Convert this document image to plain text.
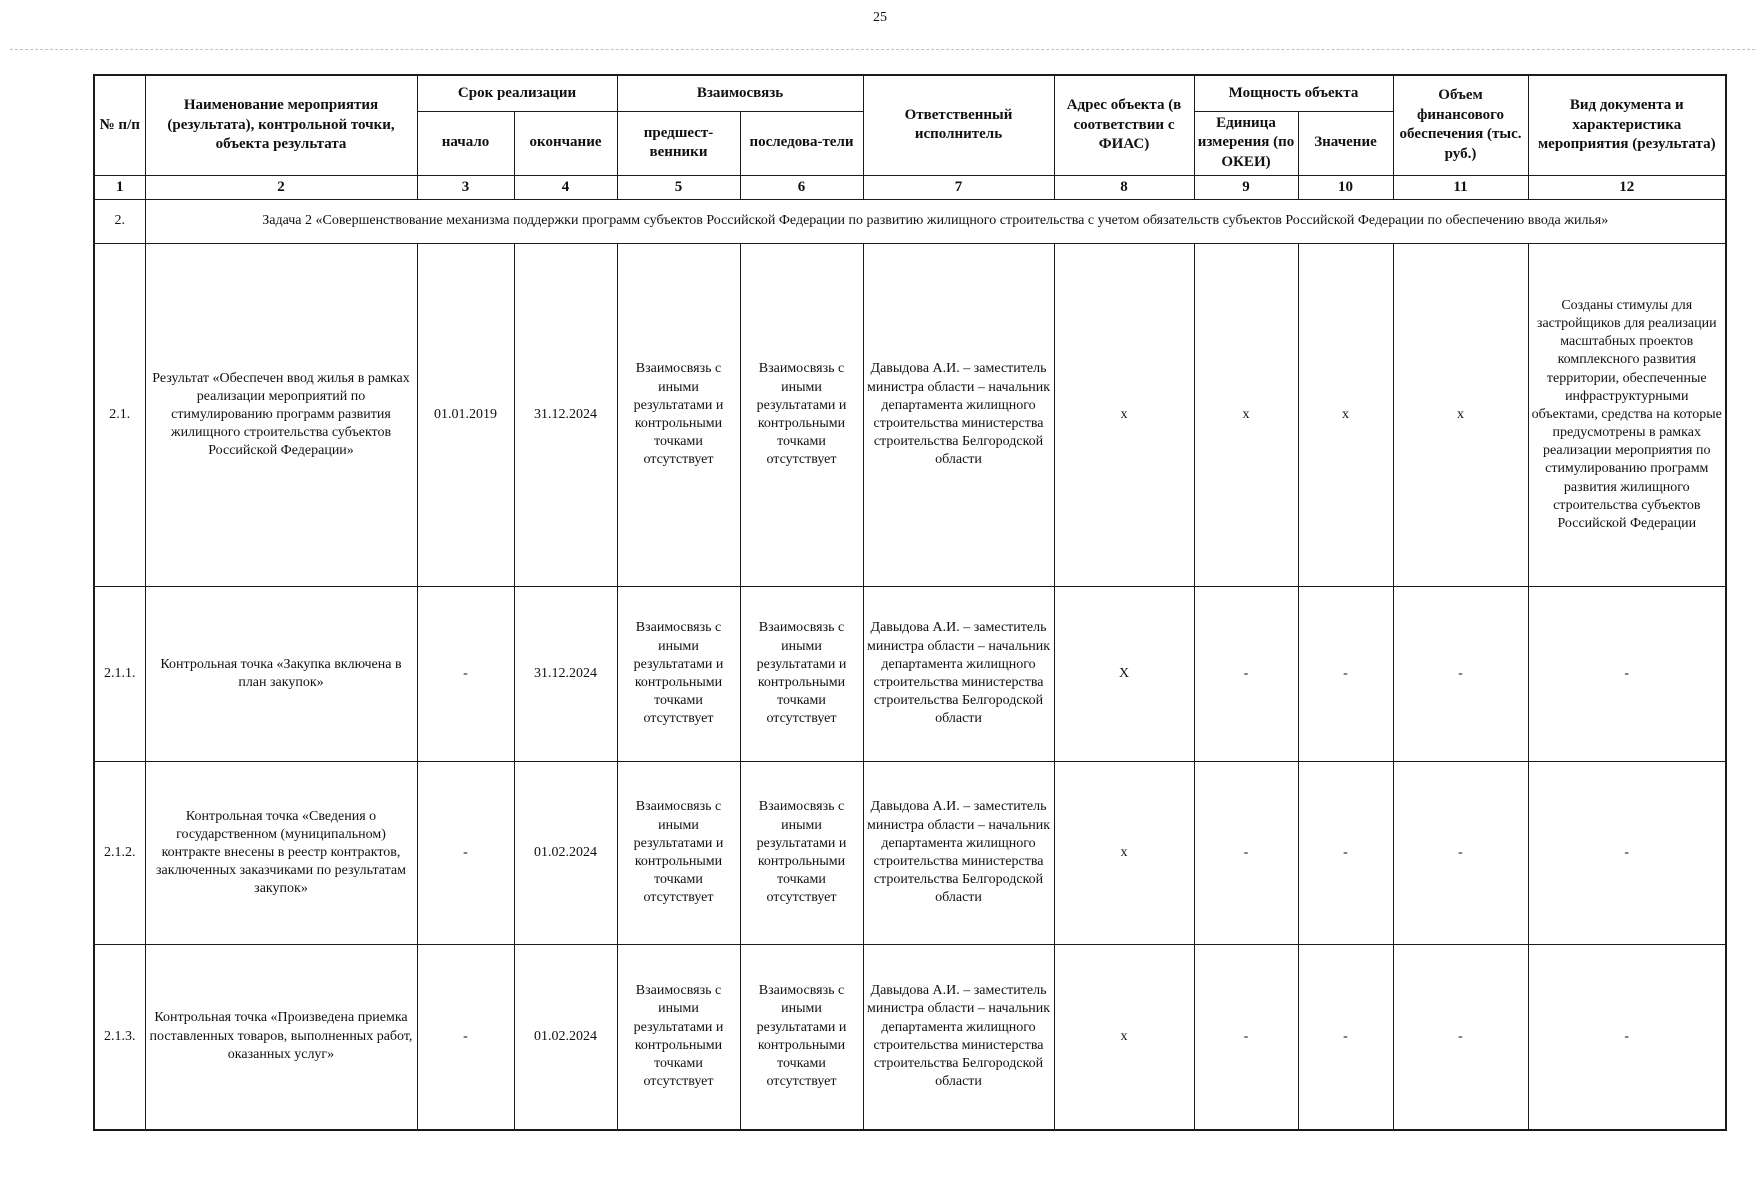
25
№ п/п	Наименование мероприятия (результата), контрольной точки, объекта результата	Срок реализации		Взаимосвязь		Ответственный исполнитель	Адрес объекта (в соответствии с ФИАС)	Мощность объекта		Объем финансового обеспечения (тыс. руб.)	Вид документа и характеристика мероприятия (результата)
		начало	окончание	предшест-венники	последова-тели			Единица измерения (по ОКЕИ)	Значение		
1	2	3	4	5	6	7	8	9	10	11	12
2.	Задача 2 «Совершенствование механизма поддержки программ субъектов Российской Федерации по развитию жилищного строительства с учетом обязательств субъектов Российской Федерации по обеспечению ввода жилья»										
2.1.	Результат «Обеспечен ввод жилья в рамках реализации мероприятий по стимулированию программ развития жилищного строительства субъектов Российской Федерации»	01.01.2019	31.12.2024	Взаимосвязь с иными результатами и контрольными точками отсутствует	Взаимосвязь с иными результатами и контрольными точками отсутствует	Давыдова А.И. – заместитель министра области – начальник департамента жилищного строительства министерства строительства Белгородской области	x	x	x	x	Созданы стимулы для застройщиков для реализации масштабных проектов комплексного развития территории, обеспеченные инфраструктурными объектами, средства на которые предусмотрены в рамках реализации мероприятия по стимулированию программ развития жилищного строительства субъектов Российской Федерации
2.1.1.	Контрольная точка «Закупка включена в план закупок»	-	31.12.2024	Взаимосвязь с иными результатами и контрольными точками отсутствует	Взаимосвязь с иными результатами и контрольными точками отсутствует	Давыдова А.И. – заместитель министра области – начальник департамента жилищного строительства министерства строительства Белгородской области	X	-	-	-	-
2.1.2.	Контрольная точка «Сведения о государственном (муниципальном) контракте внесены в реестр контрактов, заключенных заказчиками по результатам закупок»	-	01.02.2024	Взаимосвязь с иными результатами и контрольными точками отсутствует	Взаимосвязь с иными результатами и контрольными точками отсутствует	Давыдова А.И. – заместитель министра области – начальник департамента жилищного строительства министерства строительства Белгородской области	x	-	-	-	-
2.1.3.	Контрольная точка «Произведена приемка поставленных товаров, выполненных работ, оказанных услуг»	-	01.02.2024	Взаимосвязь с иными результатами и контрольными точками отсутствует	Взаимосвязь с иными результатами и контрольными точками отсутствует	Давыдова А.И. – заместитель министра области – начальник департамента жилищного строительства министерства строительства Белгородской области	x	-	-	-	-
